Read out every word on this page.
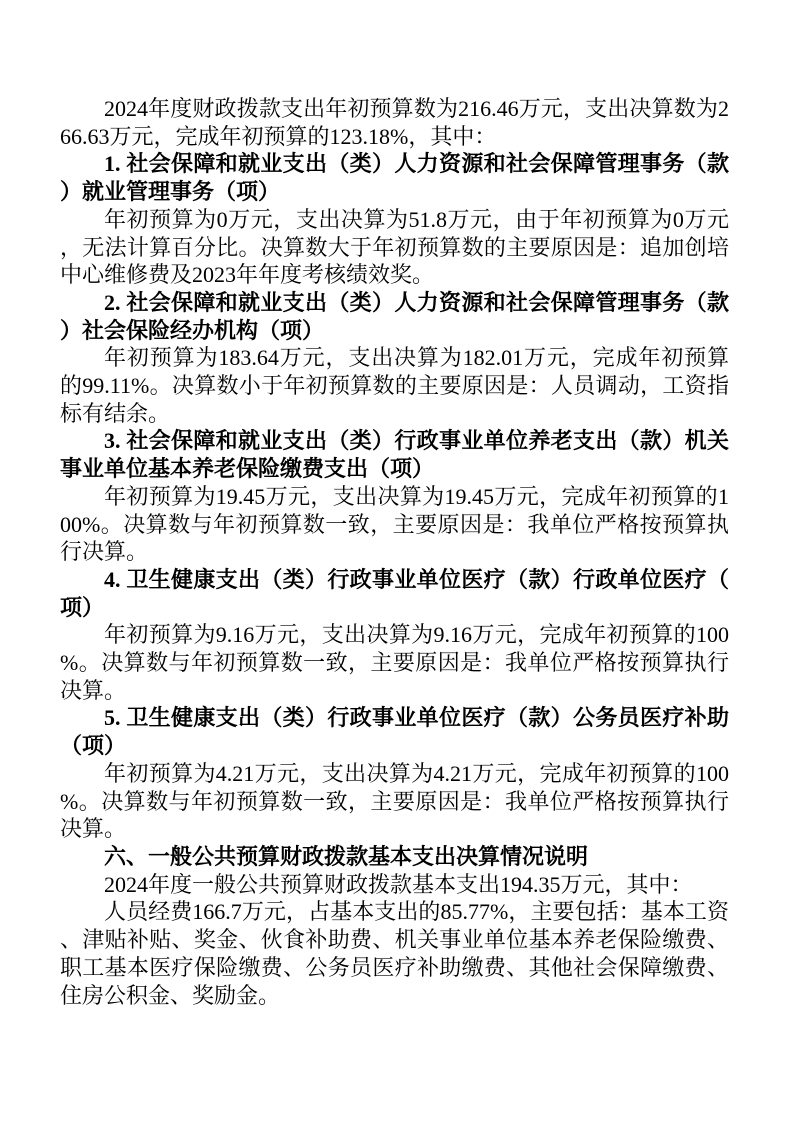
2024年度财政拨款支出年初预算数为216.46万元，支出决算数为266.63万元，完成年初预算的123.18%，其中：

1. 社会保障和就业支出（类）人力资源和社会保障管理事务（款）就业管理事务（项）

年初预算为0万元，支出决算为51.8万元，由于年初预算为0万元，无法计算百分比。决算数大于年初预算数的主要原因是：追加创培中心维修费及2023年年度考核绩效奖。

2. 社会保障和就业支出（类）人力资源和社会保障管理事务（款）社会保险经办机构（项）

年初预算为183.64万元，支出决算为182.01万元，完成年初预算的99.11%。决算数小于年初预算数的主要原因是：人员调动，工资指标有结余。

3. 社会保障和就业支出（类）行政事业单位养老支出（款）机关事业单位基本养老保险缴费支出（项）

年初预算为19.45万元，支出决算为19.45万元，完成年初预算的100%。决算数与年初预算数一致，主要原因是：我单位严格按预算执行决算。

4. 卫生健康支出（类）行政事业单位医疗（款）行政单位医疗（项）

年初预算为9.16万元，支出决算为9.16万元，完成年初预算的100%。决算数与年初预算数一致，主要原因是：我单位严格按预算执行决算。

5. 卫生健康支出（类）行政事业单位医疗（款）公务员医疗补助（项）

年初预算为4.21万元，支出决算为4.21万元，完成年初预算的100%。决算数与年初预算数一致，主要原因是：我单位严格按预算执行决算。

六、一般公共预算财政拨款基本支出决算情况说明

2024年度一般公共预算财政拨款基本支出194.35万元，其中：

人员经费166.7万元，占基本支出的85.77%，主要包括：基本工资、津贴补贴、奖金、伙食补助费、机关事业单位基本养老保险缴费、职工基本医疗保险缴费、公务员医疗补助缴费、其他社会保障缴费、住房公积金、奖励金。
